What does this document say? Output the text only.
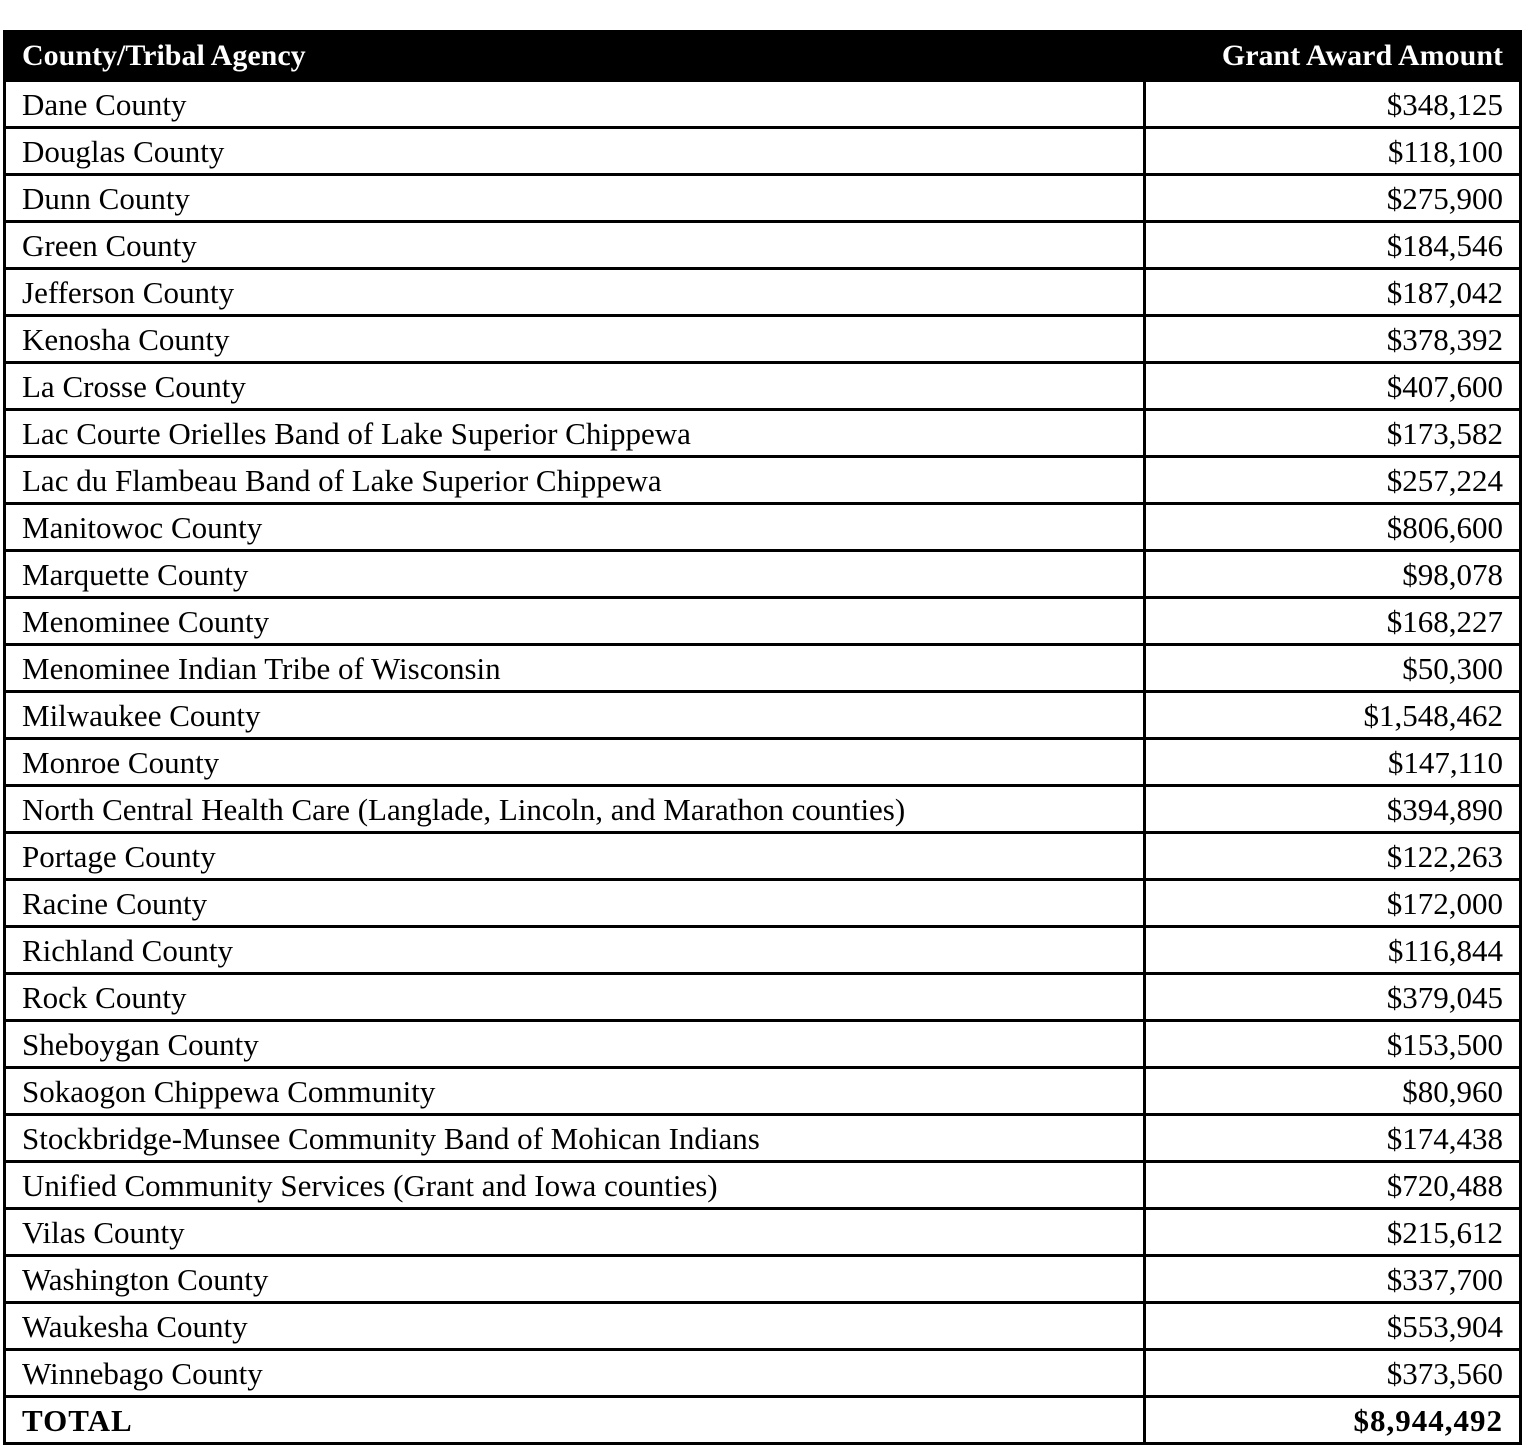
County/Tribal Agency	Grant Award Amount
Dane County	$348,125
Douglas County	$118,100
Dunn County	$275,900
Green County	$184,546
Jefferson County	$187,042
Kenosha County	$378,392
La Crosse County	$407,600
Lac Courte Orielles Band of Lake Superior Chippewa	$173,582
Lac du Flambeau Band of Lake Superior Chippewa	$257,224
Manitowoc County	$806,600
Marquette County	$98,078
Menominee County	$168,227
Menominee Indian Tribe of Wisconsin	$50,300
Milwaukee County	$1,548,462
Monroe County	$147,110
North Central Health Care (Langlade, Lincoln, and Marathon counties)	$394,890
Portage County	$122,263
Racine County	$172,000
Richland County	$116,844
Rock County	$379,045
Sheboygan County	$153,500
Sokaogon Chippewa Community	$80,960
Stockbridge-Munsee Community Band of Mohican Indians	$174,438
Unified Community Services (Grant and Iowa counties)	$720,488
Vilas County	$215,612
Washington County	$337,700
Waukesha County	$553,904
Winnebago County	$373,560
TOTAL	$8,944,492
